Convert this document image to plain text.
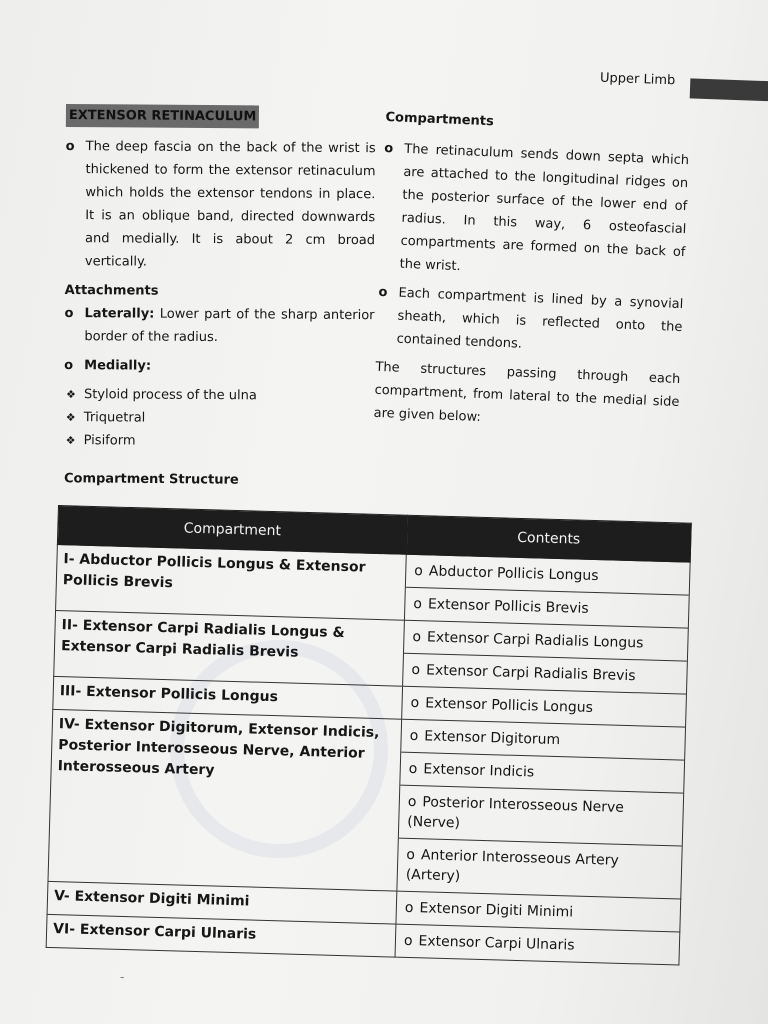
Upper Limb
EXTENSOR RETINACULUM
o The deep fascia on the back of the wrist is thickened to form the extensor retinaculum which holds the extensor tendons in place. It is an oblique band, directed downwards and medially. It is about 2 cm broad vertically.
Attachments
o Laterally: Lower part of the sharp anterior border of the radius.
o Medially:
❖ Styloid process of the ulna
❖ Triquetral
❖ Pisiform
Compartments
o The retinaculum sends down septa which are attached to the longitudinal ridges on the posterior surface of the lower end of radius. In this way, 6 osteofascial compartments are formed on the back of the wrist.
o Each compartment is lined by a synovial sheath, which is reflected onto the contained tendons.
The structures passing through each compartment, from lateral to the medial side are given below:
Compartment Structure
Compartment	Contents
I- Abductor Pollicis Longus & Extensor Pollicis Brevis	o Abductor Pollicis Longus
o Extensor Pollicis Brevis

II- Extensor Carpi Radialis Longus & Extensor Carpi Radialis Brevis	o Extensor Carpi Radialis Longus
o Extensor Carpi Radialis Brevis

III- Extensor Pollicis Longus	o Extensor Pollicis Longus

IV- Extensor Digitorum, Extensor Indicis, Posterior Interosseous Nerve, Anterior Interosseous Artery	o Extensor Digitorum
o Extensor Indicis
o Posterior Interosseous Nerve (Nerve)
o Anterior Interosseous Artery (Artery)

V- Extensor Digiti Minimi	o Extensor Digiti Minimi

VI- Extensor Carpi Ulnaris	o Extensor Carpi Ulnaris
-
